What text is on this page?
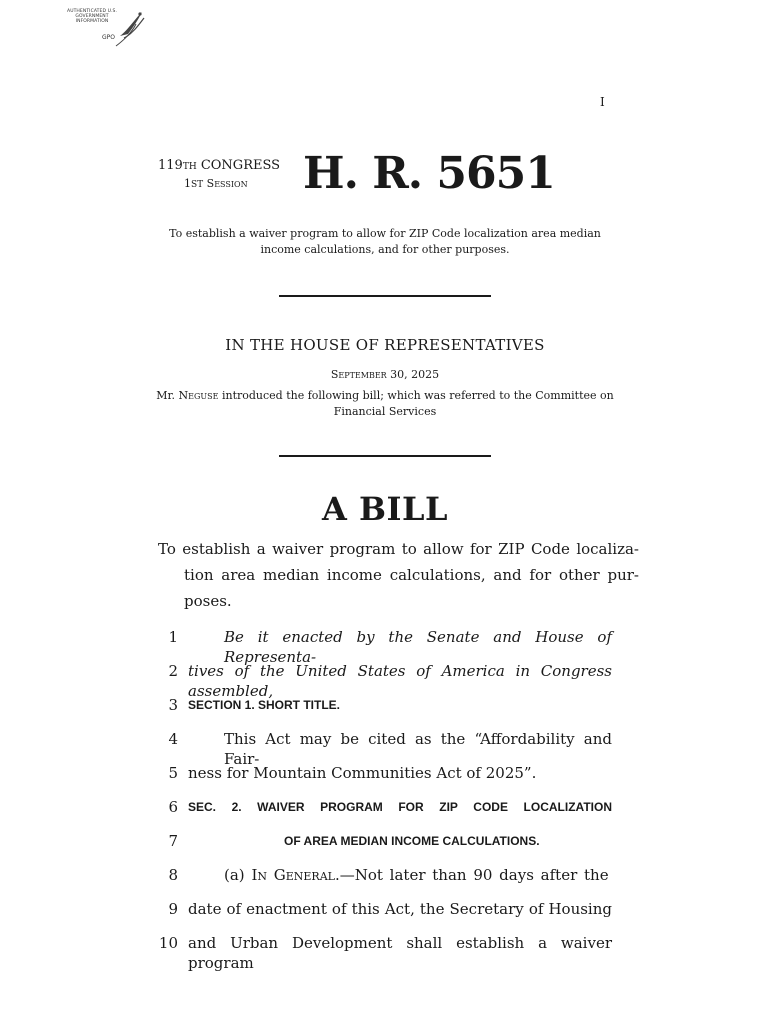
AUTHENTICATED U.S. GOVERNMENT INFORMATION
GPO
I
119TH CONGRESS
1ST Session	H. R. 5651
To establish a waiver program to allow for ZIP Code localization area median income calculations, and for other purposes.
IN THE HOUSE OF REPRESENTATIVES
September 30, 2025
Mr. Neguse introduced the following bill; which was referred to the Committee on Financial Services
A BILL
To establish a waiver program to allow for ZIP Code localiza-tion area median income calculations, and for other pur-poses.
1	Be it enacted by the Senate and House of Representa-
2 tives of the United States of America in Congress assembled,
3 SECTION 1. SHORT TITLE.
4	This Act may be cited as the “Affordability and Fair-
5 ness for Mountain Communities Act of 2025”.
6 SEC. 2. WAIVER PROGRAM FOR ZIP CODE LOCALIZATION
7	OF AREA MEDIAN INCOME CALCULATIONS.
8	(a) In General.—Not later than 90 days after the
9 date of enactment of this Act, the Secretary of Housing
10 and Urban Development shall establish a waiver program
